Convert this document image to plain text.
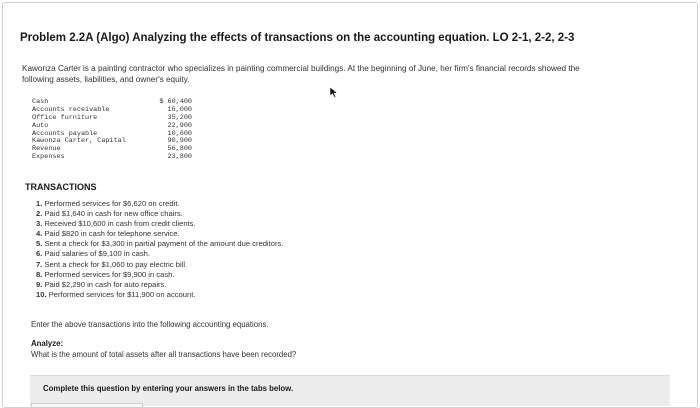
Problem 2.2A (Algo) Analyzing the effects of transactions on the accounting equation. LO 2-1, 2-2, 2-3
Kawonza Carter is a painting contractor who specializes in painting commercial buildings. At the beginning of June, her firm's financial records showed the following assets, liabilities, and owner's equity.
Cash	$ 60,400
Accounts receivable	16,000
Office furniture	35,200
Auto	22,900
Accounts payable	10,600
Kawonza Carter, Capital	90,900
Revenue	56,800
Expenses	23,800
TRANSACTIONS
1. Performed services for $6,620 on credit.
2. Paid $1,640 in cash for new office chairs.
3. Received $10,600 in cash from credit clients.
4. Paid $820 in cash for telephone service.
5. Sent a check for $3,300 in partial payment of the amount due creditors.
6. Paid salaries of $9,100 in cash.
7. Sent a check for $1,060 to pay electric bill.
8. Performed services for $9,900 in cash.
9. Paid $2,290 in cash for auto repairs.
10. Performed services for $11,900 on account.
Enter the above transactions into the following accounting equations.
Analyze:
What is the amount of total assets after all transactions have been recorded?
Complete this question by entering your answers in the tabs below.
